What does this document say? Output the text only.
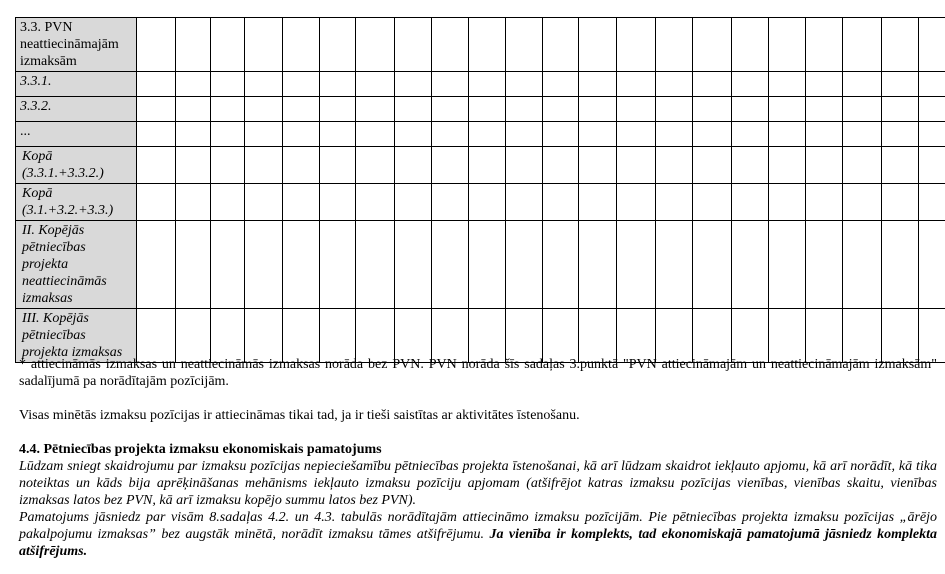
3.3. PVN neattiecināmajām izmaksām																							
3.3.1.																							
3.3.2.																							
...																							
Kopā (3.3.1.+3.3.2.)																							
Kopā (3.1.+3.2.+3.3.)																							
II. Kopējās pētniecības projekta neattiecināmās izmaksas																							
III. Kopējās pētniecības projekta izmaksas																							

* attiecināmās izmaksas un neattiecināmās izmaksas norāda bez PVN. PVN norāda šīs sadaļas 3.punktā "PVN attiecināmajām un neattiecināmajām izmaksām" sadalījumā pa norādītajām pozīcijām.

Visas minētās izmaksu pozīcijas ir attiecināmas tikai tad, ja ir tieši saistītas ar aktivitātes īstenošanu.

4.4. Pētniecības projekta izmaksu ekonomiskais pamatojums

Lūdzam sniegt skaidrojumu par izmaksu pozīcijas nepieciešamību pētniecības projekta īstenošanai, kā arī lūdzam skaidrot iekļauto apjomu, kā arī norādīt, kā tika noteiktas un kāds bija aprēķināšanas mehānisms iekļauto izmaksu pozīciju apjomam (atšifrējot katras izmaksu pozīcijas vienības, vienības skaitu, vienības izmaksas latos bez PVN, kā arī izmaksu kopējo summu latos bez PVN).

Pamatojums jāsniedz par visām 8.sadaļas 4.2. un 4.3. tabulās norādītajām attiecināmo izmaksu pozīcijām. Pie pētniecības projekta izmaksu pozīcijas „ārējo pakalpojumu izmaksas” bez augstāk minētā, norādīt izmaksu tāmes atšifrējumu. Ja vienība ir komplekts, tad ekonomiskajā pamatojumā jāsniedz komplekta atšifrējums.
